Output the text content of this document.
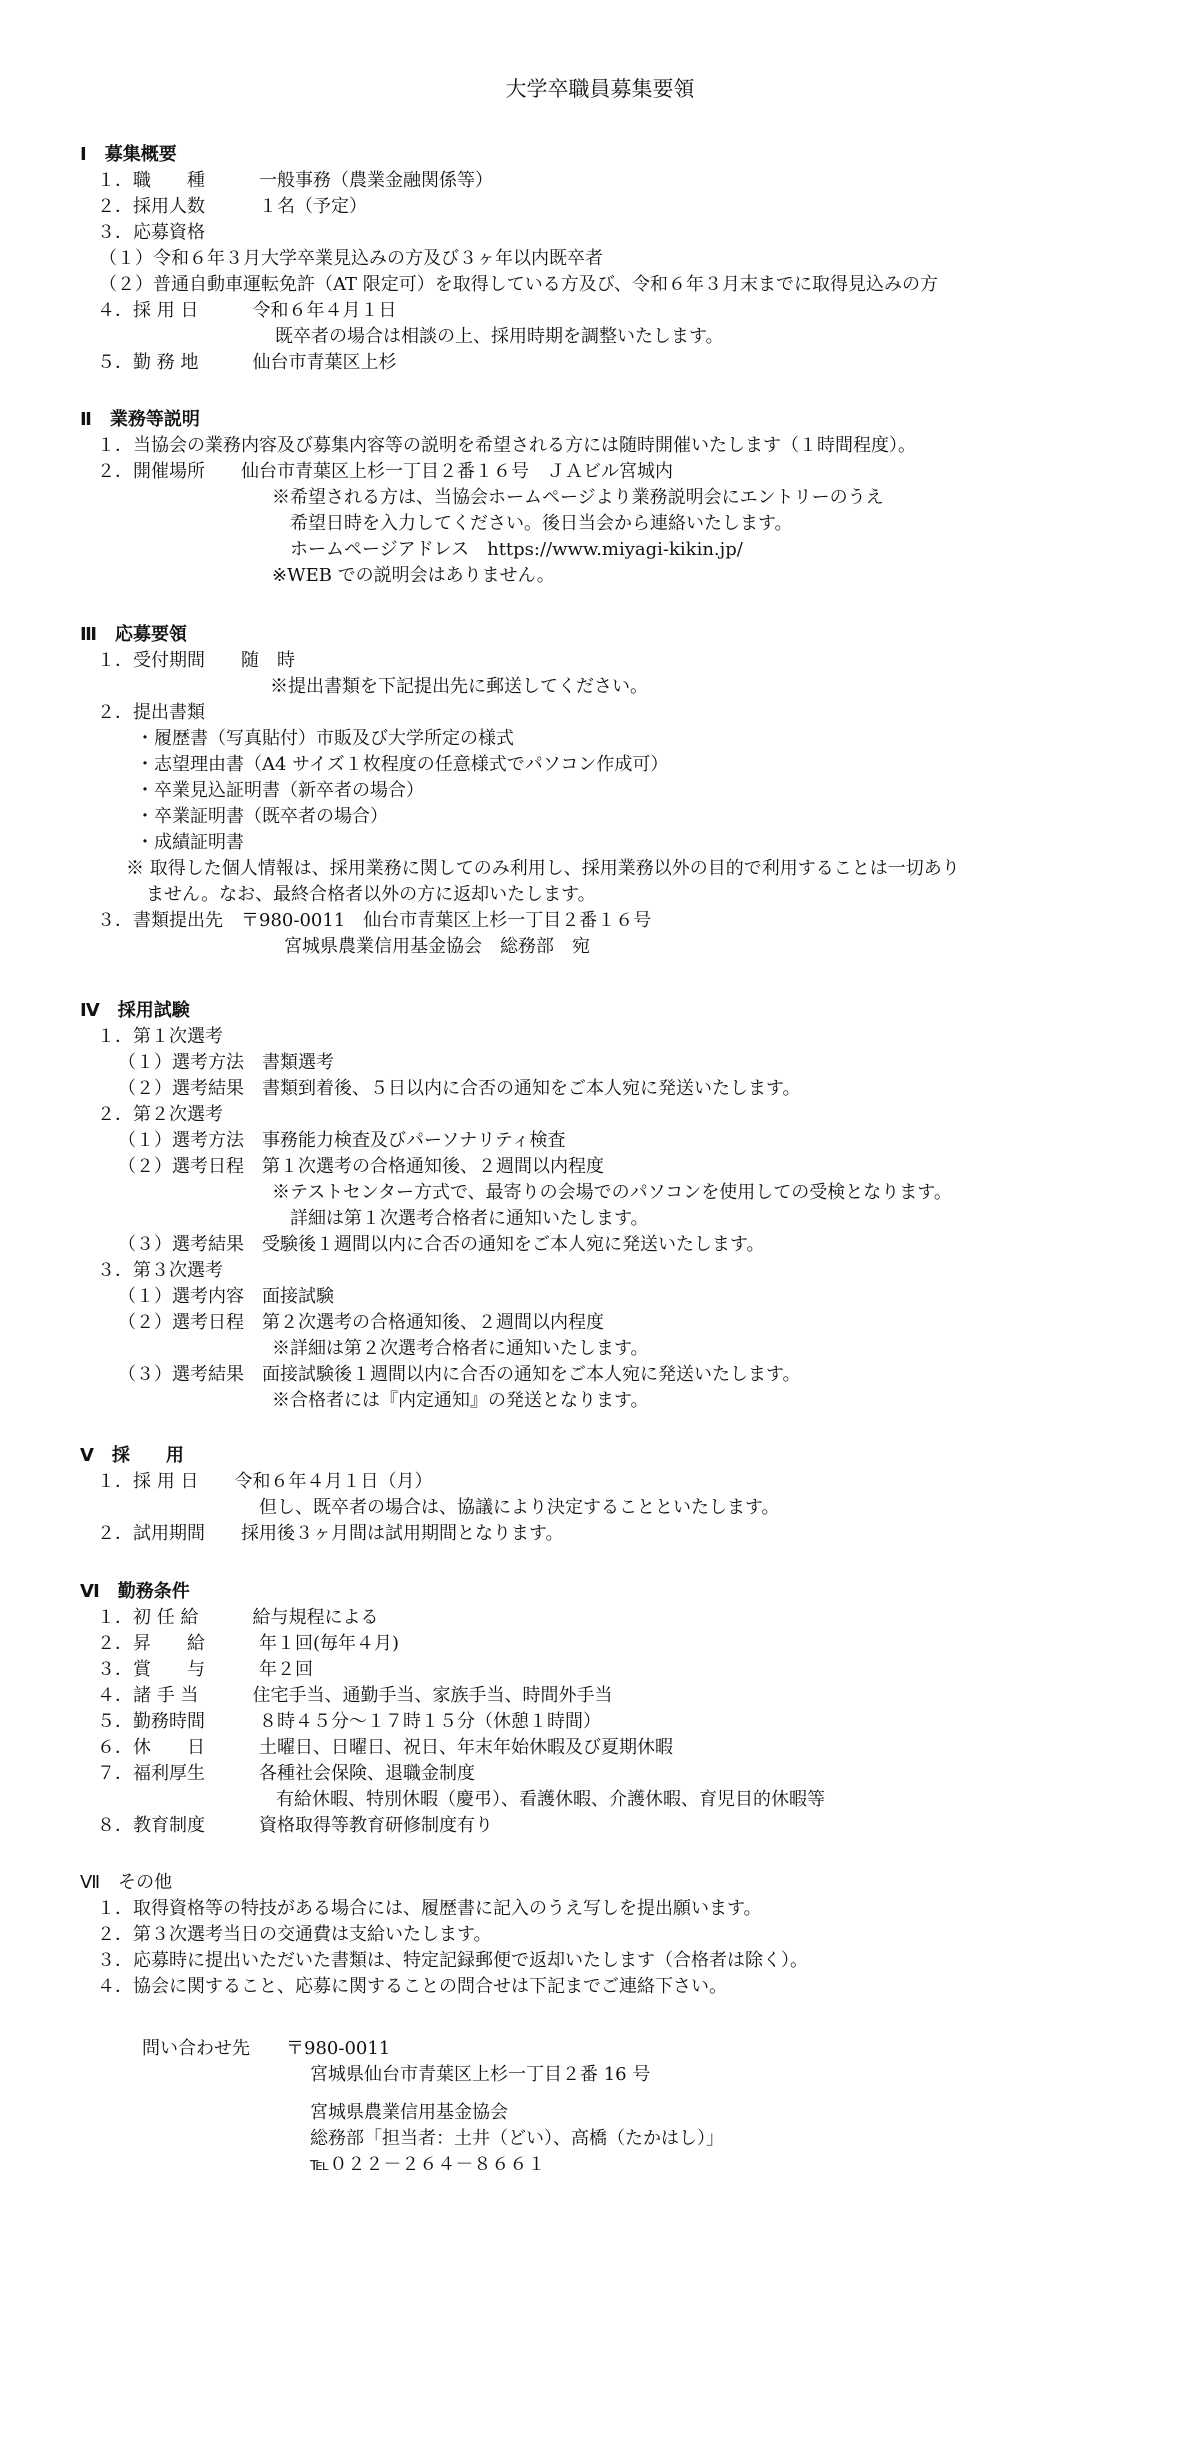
大学卒職員募集要領
Ⅰ　募集概要
１．職　　種　　　一般事務（農業金融関係等）
２．採用人数　　　１名（予定）
３．応募資格
（１）令和６年３月大学卒業見込みの方及び３ヶ年以内既卒者
（２）普通自動車運転免許（AT 限定可）を取得している方及び、令和６年３月末までに取得見込みの方
４．採 用 日　　　令和６年４月１日
既卒者の場合は相談の上、採用時期を調整いたします。
５．勤 務 地　　　仙台市青葉区上杉
Ⅱ　業務等説明
１．当協会の業務内容及び募集内容等の説明を希望される方には随時開催いたします（１時間程度）。
２．開催場所　　仙台市青葉区上杉一丁目２番１６号　ＪＡビル宮城内
※希望される方は、当協会ホームページより業務説明会にエントリーのうえ
希望日時を入力してください。後日当会から連絡いたします。
ホームページアドレス　https://www.miyagi-kikin.jp/
※WEB での説明会はありません。
Ⅲ　応募要領
１．受付期間　　随　時
※提出書類を下記提出先に郵送してください。
２．提出書類
・履歴書（写真貼付）市販及び大学所定の様式
・志望理由書（A4 サイズ１枚程度の任意様式でパソコン作成可）
・卒業見込証明書（新卒者の場合）
・卒業証明書（既卒者の場合）
・成績証明書
※ 取得した個人情報は、採用業務に関してのみ利用し、採用業務以外の目的で利用することは一切あり
ません。なお、最終合格者以外の方に返却いたします。
３．書類提出先　〒980-0011　仙台市青葉区上杉一丁目２番１６号
宮城県農業信用基金協会　総務部　宛
Ⅳ　採用試験
１．第１次選考
（１）選考方法　書類選考
（２）選考結果　書類到着後、５日以内に合否の通知をご本人宛に発送いたします。
２．第２次選考
（１）選考方法　事務能力検査及びパーソナリティ検査
（２）選考日程　第１次選考の合格通知後、２週間以内程度
※テストセンター方式で、最寄りの会場でのパソコンを使用しての受検となります。
詳細は第１次選考合格者に通知いたします。
（３）選考結果　受験後１週間以内に合否の通知をご本人宛に発送いたします。
３．第３次選考
（１）選考内容　面接試験
（２）選考日程　第２次選考の合格通知後、２週間以内程度
※詳細は第２次選考合格者に通知いたします。
（３）選考結果　面接試験後１週間以内に合否の通知をご本人宛に発送いたします。
※合格者には『内定通知』の発送となります。
Ⅴ　採　　用
１．採 用 日　　令和６年４月１日（月）
但し、既卒者の場合は、協議により決定することといたします。
２．試用期間　　採用後３ヶ月間は試用期間となります。
Ⅵ　勤務条件
１．初 任 給　　　給与規程による
２．昇　　給　　　年１回(毎年４月)
３．賞　　与　　　年２回
４．諸 手 当　　　住宅手当、通勤手当、家族手当、時間外手当
５．勤務時間　　　８時４５分～１７時１５分（休憩１時間）
６．休　　日　　　土曜日、日曜日、祝日、年末年始休暇及び夏期休暇
７．福利厚生　　　各種社会保険、退職金制度
有給休暇、特別休暇（慶弔）、看護休暇、介護休暇、育児目的休暇等
８．教育制度　　　資格取得等教育研修制度有り
Ⅶ　その他
１．取得資格等の特技がある場合には、履歴書に記入のうえ写しを提出願います。
２．第３次選考当日の交通費は支給いたします。
３．応募時に提出いただいた書類は、特定記録郵便で返却いたします（合格者は除く）。
４．協会に関すること、応募に関することの問合せは下記までご連絡下さい。
問い合わせ先　　〒980-0011
宮城県仙台市青葉区上杉一丁目２番 16 号
宮城県農業信用基金協会
総務部「担当者：土井（どい）、高橋（たかはし）」
℡０２２－２６４－８６６１
